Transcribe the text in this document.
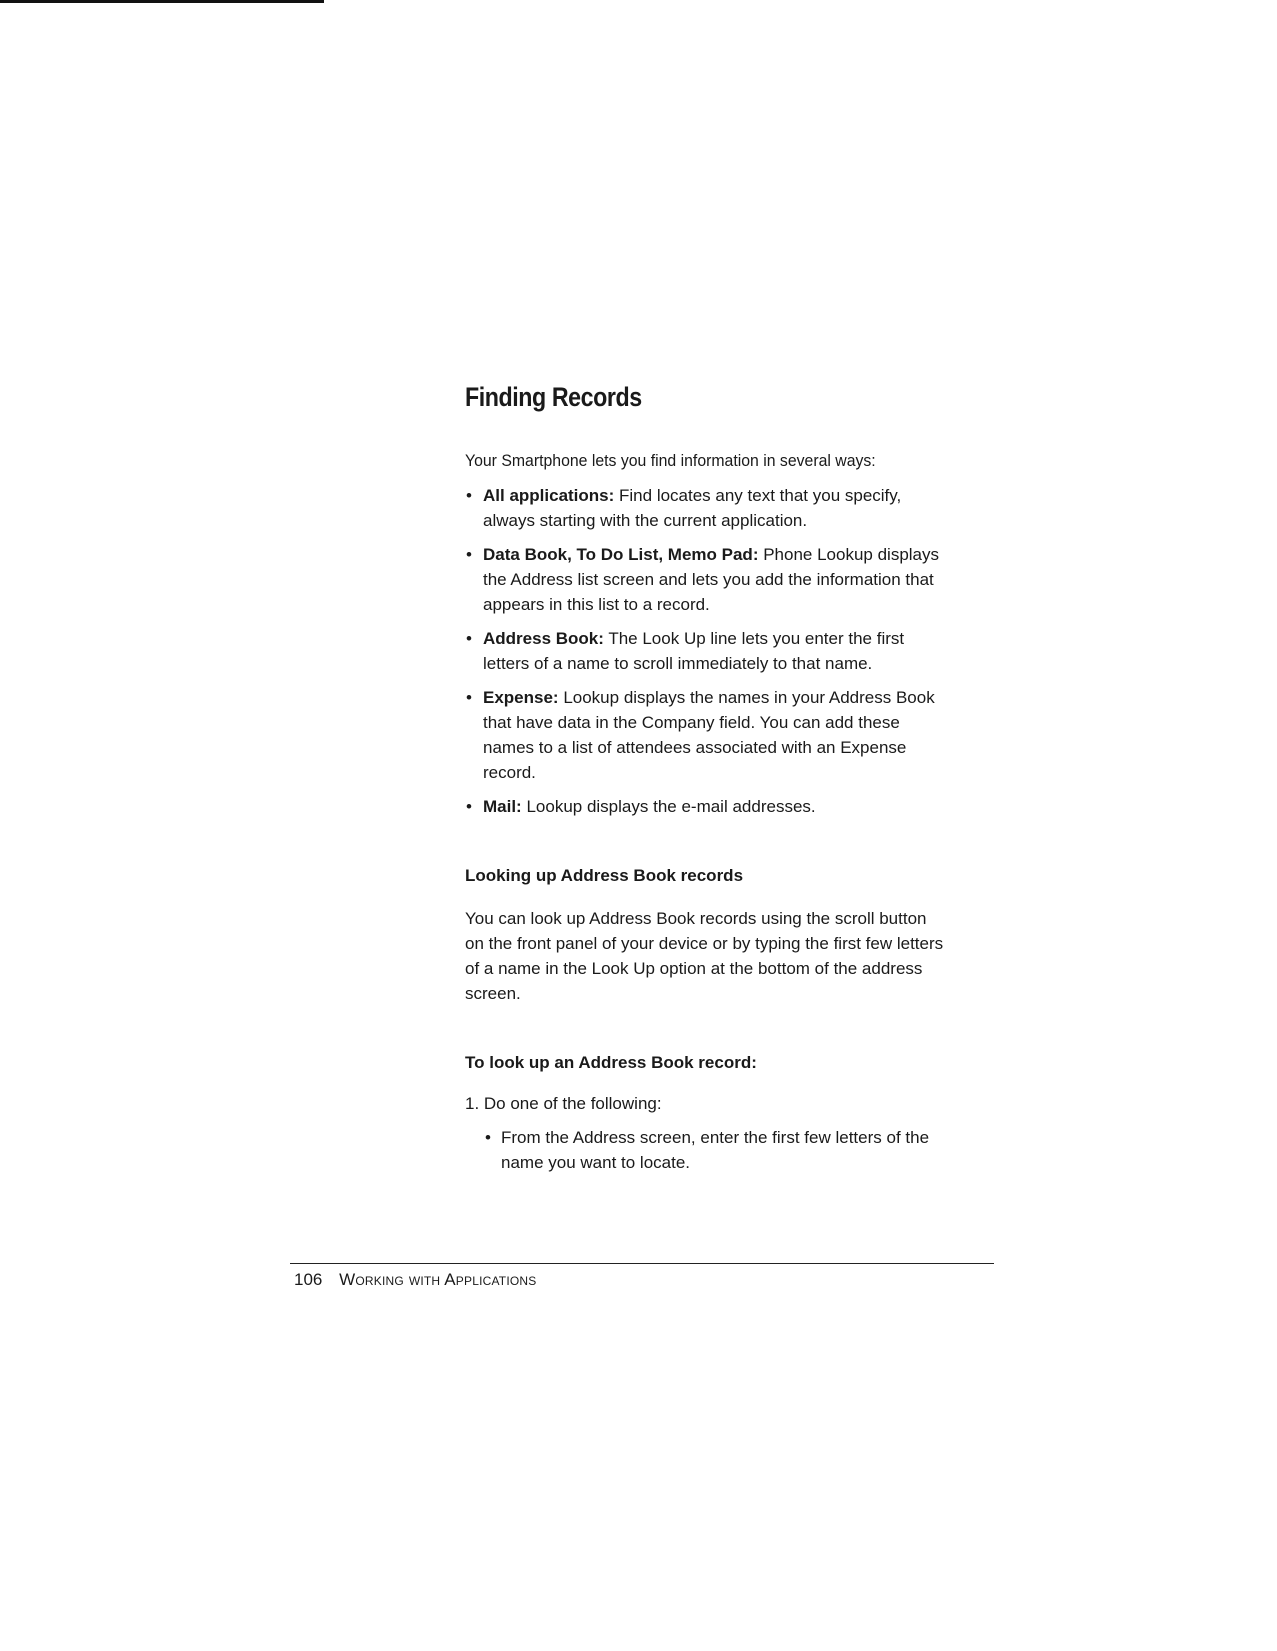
Finding Records

Your Smartphone lets you find information in several ways:

• All applications: Find locates any text that you specify, always starting with the current application.
• Data Book, To Do List, Memo Pad: Phone Lookup displays the Address list screen and lets you add the information that appears in this list to a record.
• Address Book: The Look Up line lets you enter the first letters of a name to scroll immediately to that name.
• Expense: Lookup displays the names in your Address Book that have data in the Company field. You can add these names to a list of attendees associated with an Expense record.
• Mail: Lookup displays the e-mail addresses.
Looking up Address Book records

You can look up Address Book records using the scroll button on the front panel of your device or by typing the first few letters of a name in the Look Up option at the bottom of the address screen.

To look up an Address Book record:

1. Do one of the following:

• From the Address screen, enter the first few letters of the name you want to locate.
106 Working with Applications
